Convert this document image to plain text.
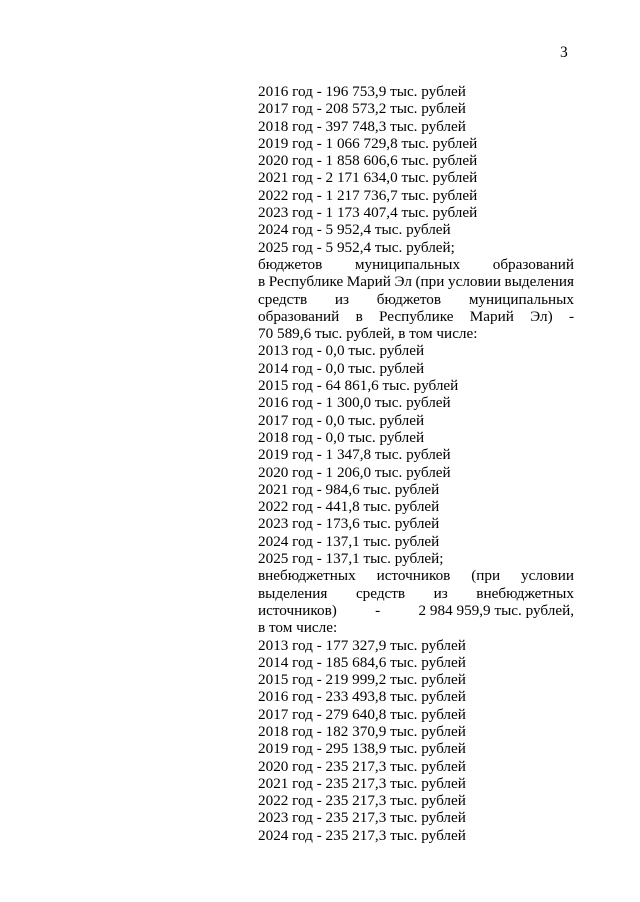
3
2016 год - 196 753,9 тыс. рублей
2017 год - 208 573,2 тыс. рублей
2018 год - 397 748,3 тыс. рублей
2019 год - 1 066 729,8 тыс. рублей
2020 год - 1 858 606,6 тыс. рублей
2021 год - 2 171 634,0 тыс. рублей
2022 год - 1 217 736,7 тыс. рублей
2023 год - 1 173 407,4 тыс. рублей
2024 год - 5 952,4 тыс. рублей
2025 год - 5 952,4 тыс. рублей;
бюджетов муниципальных образований
в Республике Марий Эл (при условии выделения
средств из бюджетов муниципальных
образований в Республике Марий Эл) -
70 589,6 тыс. рублей, в том числе:
2013 год - 0,0 тыс. рублей
2014 год - 0,0 тыс. рублей
2015 год - 64 861,6 тыс. рублей
2016 год - 1 300,0 тыс. рублей
2017 год - 0,0 тыс. рублей
2018 год - 0,0 тыс. рублей
2019 год - 1 347,8 тыс. рублей
2020 год - 1 206,0 тыс. рублей
2021 год - 984,6 тыс. рублей
2022 год - 441,8 тыс. рублей
2023 год - 173,6 тыс. рублей
2024 год - 137,1 тыс. рублей
2025 год - 137,1 тыс. рублей;
внебюджетных источников (при условии
выделения средств из внебюджетных
источников)	-	2 984 959,9 тыс. рублей,
в том числе:
2013 год - 177 327,9 тыс. рублей
2014 год - 185 684,6 тыс. рублей
2015 год - 219 999,2 тыс. рублей
2016 год - 233 493,8 тыс. рублей
2017 год - 279 640,8 тыс. рублей
2018 год - 182 370,9 тыс. рублей
2019 год - 295 138,9 тыс. рублей
2020 год - 235 217,3 тыс. рублей
2021 год - 235 217,3 тыс. рублей
2022 год - 235 217,3 тыс. рублей
2023 год - 235 217,3 тыс. рублей
2024 год - 235 217,3 тыс. рублей
